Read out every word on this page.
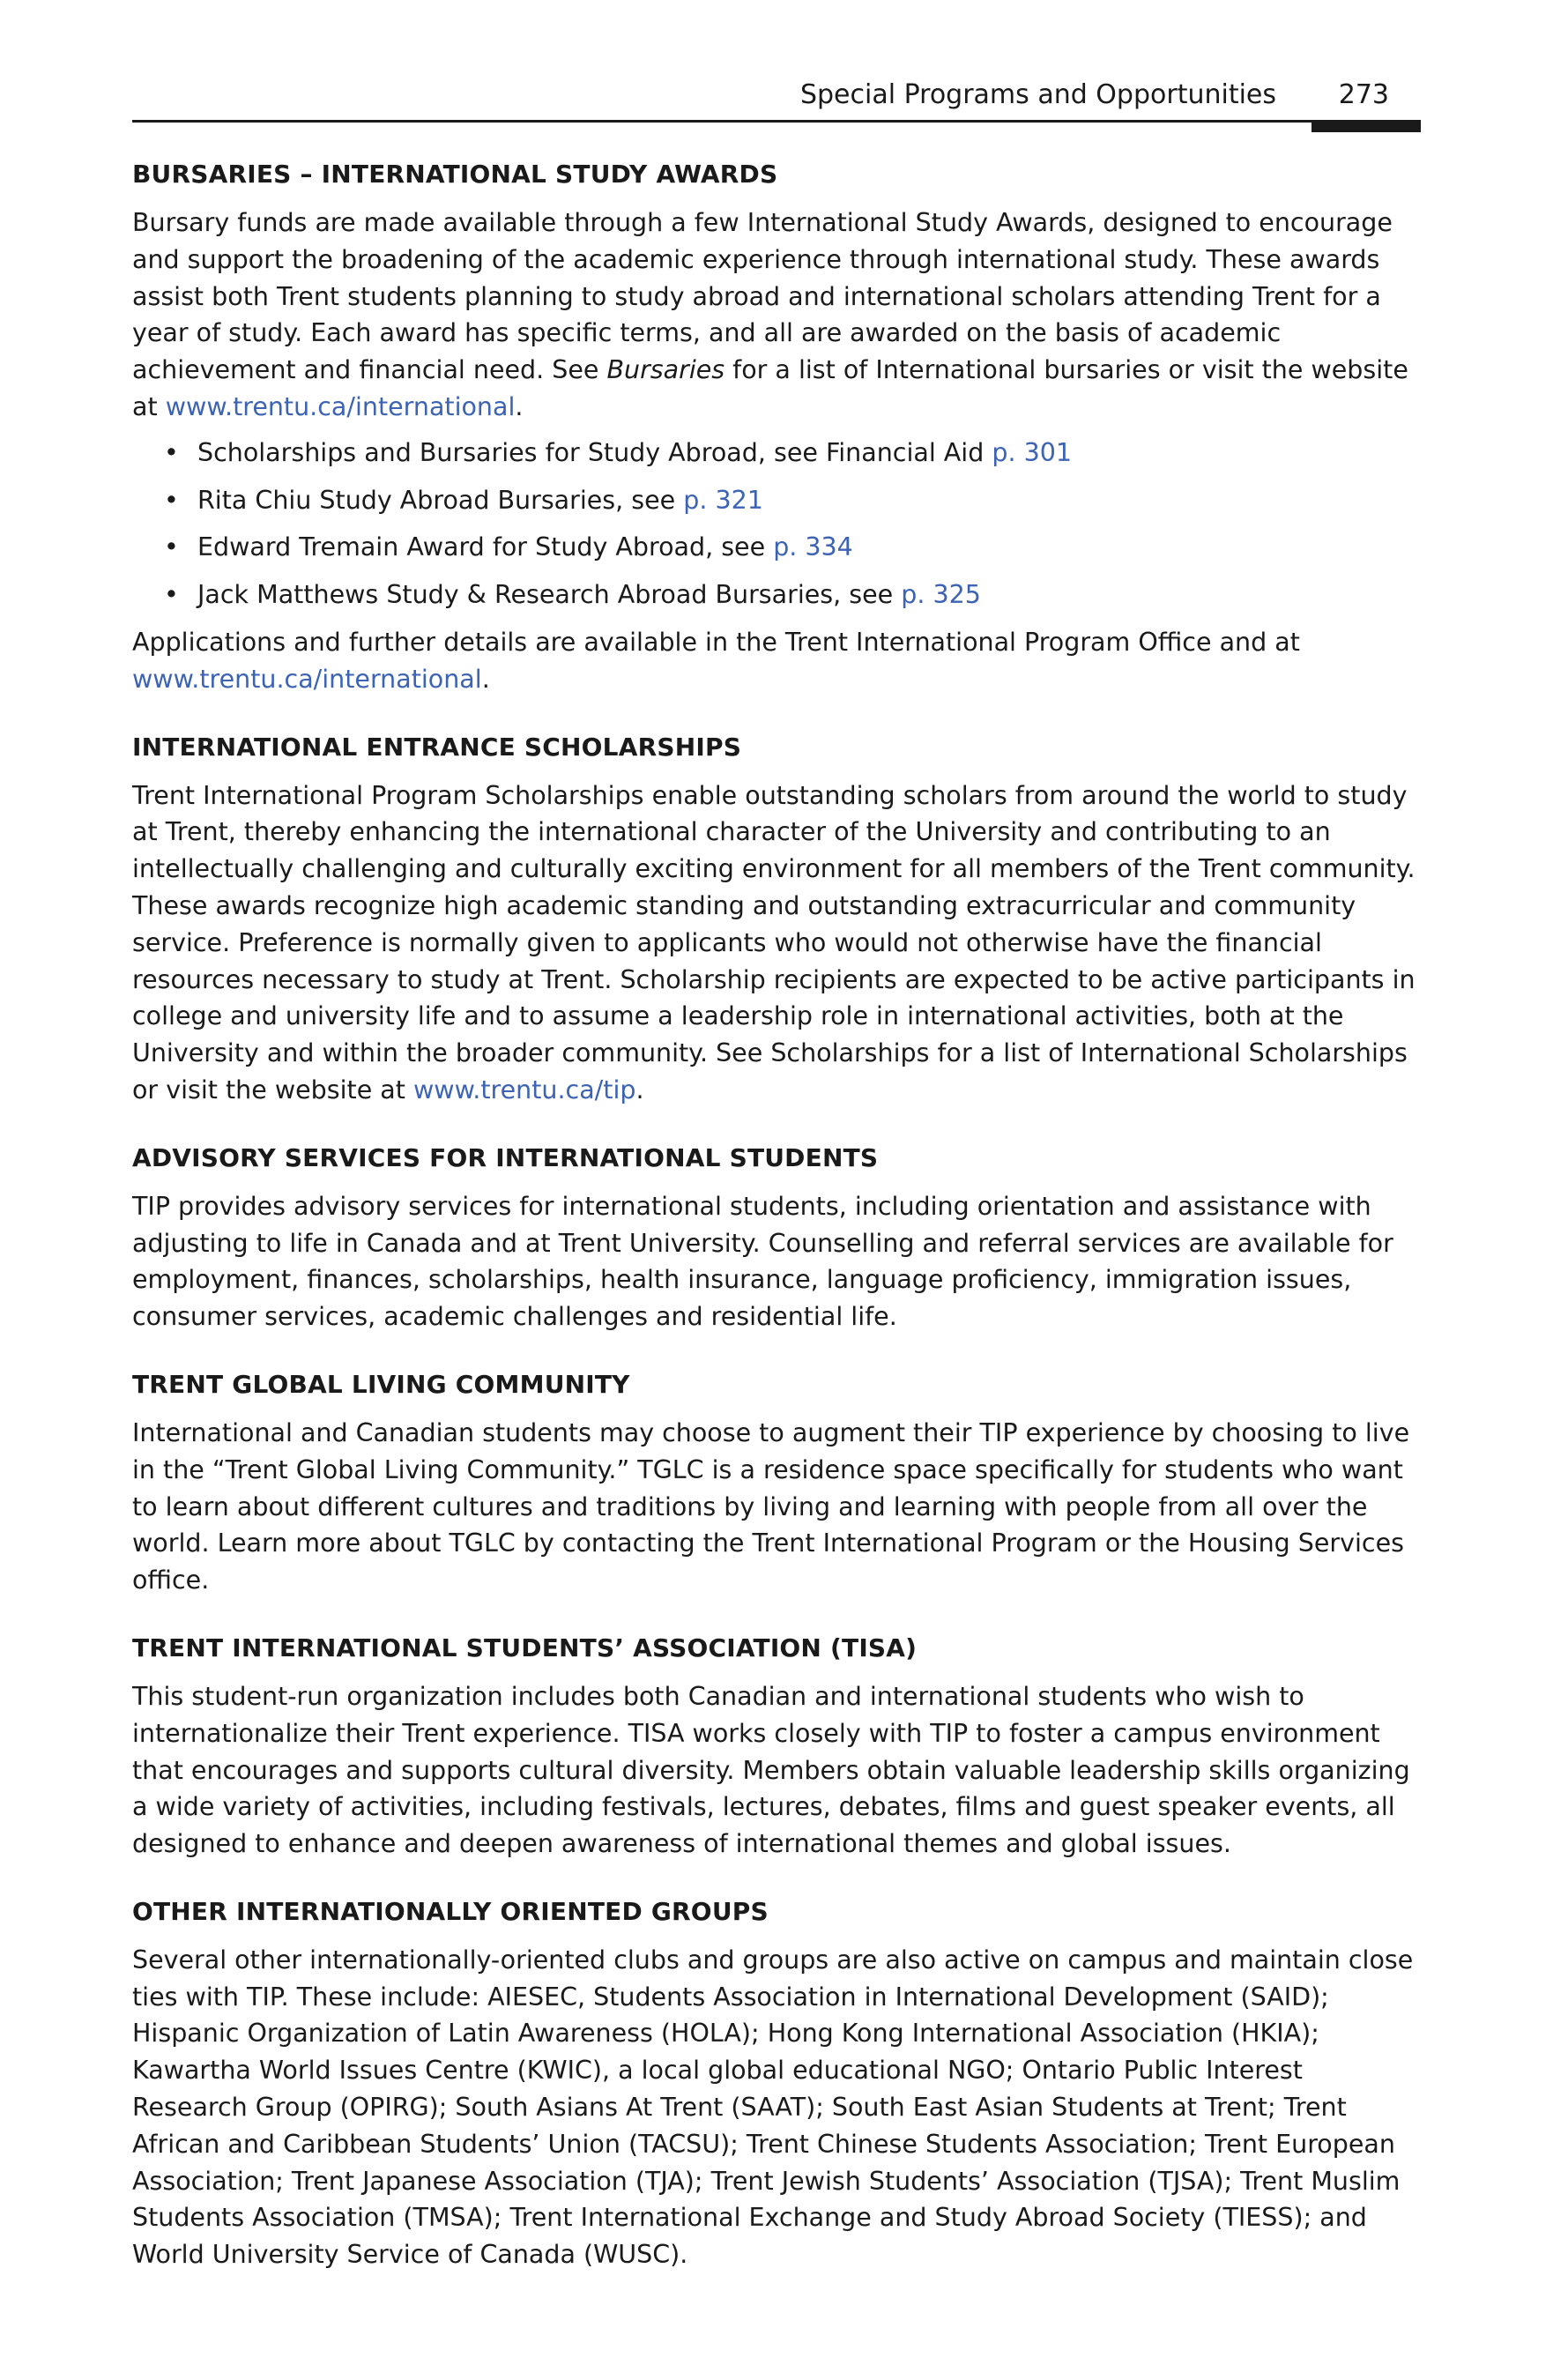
Special Programs and Opportunities 273
BURSARIES – INTERNATIONAL STUDY AWARDS

Bursary funds are made available through a few International Study Awards, designed to encourage and support the broadening of the academic experience through international study. These awards assist both Trent students planning to study abroad and international scholars attending Trent for a year of study. Each award has specific terms, and all are awarded on the basis of academic achievement and financial need. See Bursaries for a list of International bursaries or visit the website at www.trentu.ca/international.

• Scholarships and Bursaries for Study Abroad, see Financial Aid p. 301
• Rita Chiu Study Abroad Bursaries, see p. 321
• Edward Tremain Award for Study Abroad, see p. 334
• Jack Matthews Study & Research Abroad Bursaries, see p. 325

Applications and further details are available in the Trent International Program Office and at www.trentu.ca/international.

INTERNATIONAL ENTRANCE SCHOLARSHIPS

Trent International Program Scholarships enable outstanding scholars from around the world to study at Trent, thereby enhancing the international character of the University and contributing to an intellectually challenging and culturally exciting environment for all members of the Trent community. These awards recognize high academic standing and outstanding extracurricular and community service. Preference is normally given to applicants who would not otherwise have the financial resources necessary to study at Trent. Scholarship recipients are expected to be active participants in college and university life and to assume a leadership role in international activities, both at the University and within the broader community. See Scholarships for a list of International Scholarships or visit the website at www.trentu.ca/tip.

ADVISORY SERVICES FOR INTERNATIONAL STUDENTS

TIP provides advisory services for international students, including orientation and assistance with adjusting to life in Canada and at Trent University. Counselling and referral services are available for employment, finances, scholarships, health insurance, language proficiency, immigration issues, consumer services, academic challenges and residential life.

TRENT GLOBAL LIVING COMMUNITY

International and Canadian students may choose to augment their TIP experience by choosing to live in the “Trent Global Living Community.” TGLC is a residence space specifically for students who want to learn about different cultures and traditions by living and learning with people from all over the world. Learn more about TGLC by contacting the Trent International Program or the Housing Services office.

TRENT INTERNATIONAL STUDENTS’ ASSOCIATION (TISA)

This student-run organization includes both Canadian and international students who wish to internationalize their Trent experience. TISA works closely with TIP to foster a campus environment that encourages and supports cultural diversity. Members obtain valuable leadership skills organizing a wide variety of activities, including festivals, lectures, debates, films and guest speaker events, all designed to enhance and deepen awareness of international themes and global issues.

OTHER INTERNATIONALLY ORIENTED GROUPS

Several other internationally-oriented clubs and groups are also active on campus and maintain close ties with TIP. These include: AIESEC, Students Association in International Development (SAID); Hispanic Organization of Latin Awareness (HOLA); Hong Kong International Association (HKIA); Kawartha World Issues Centre (KWIC), a local global educational NGO; Ontario Public Interest Research Group (OPIRG); South Asians At Trent (SAAT); South East Asian Students at Trent; Trent African and Caribbean Students’ Union (TACSU); Trent Chinese Students Association; Trent European Association; Trent Japanese Association (TJA); Trent Jewish Students’ Association (TJSA); Trent Muslim Students Association (TMSA); Trent International Exchange and Study Abroad Society (TIESS); and World University Service of Canada (WUSC).
